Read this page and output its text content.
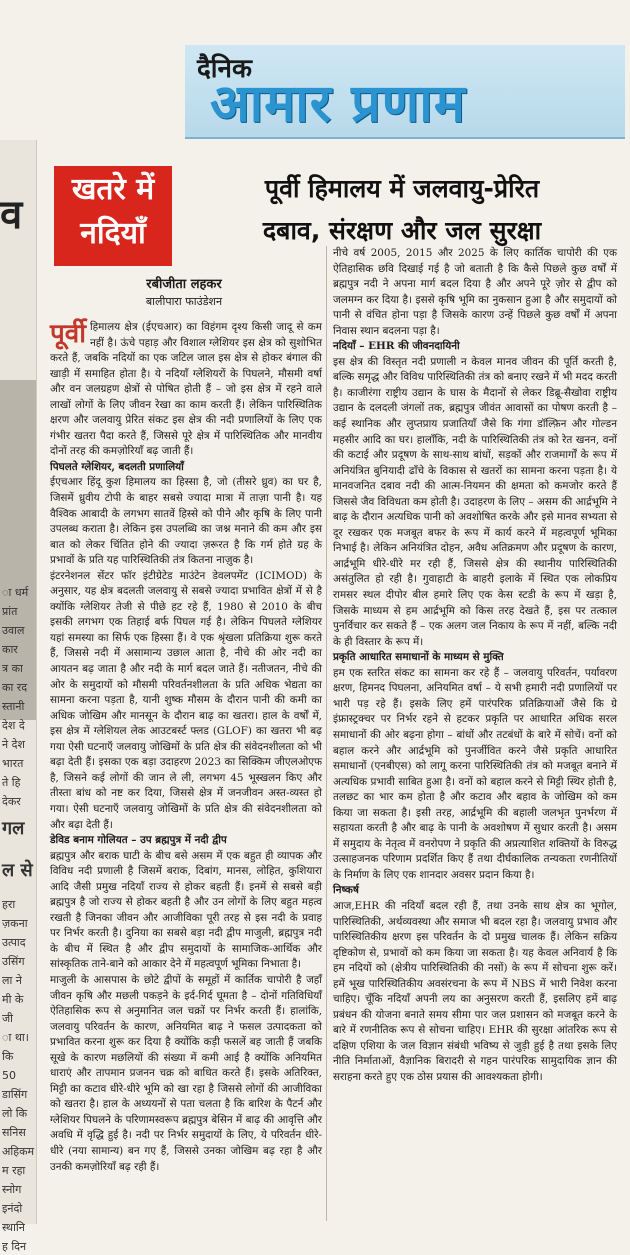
व
ा धर्म
प्रांत
उवाल
कार
त्र का
का रद
स्तानी
देश दे
ने देश
भारत
ते हि
देकर
गल
ल से
हरा
ज़कना
उत्पाद
उसिंग
ला ने
मी के
जी
ा था।
कि
50
डासिंग
लो कि
सनिस
अहिकम
म रहा
स्नोग
इनंदो
स्थानि
ह दिन
दैनिक
आमार प्रणाम
खतरे में
नदियाँ
पूर्वी हिमालय में जलवायु-प्रेरित
दबाव, संरक्षण और जल सुरक्षा
रबीजीता लहकर
बालीपारा फाउंडेशन

पूर्वी हिमालय क्षेत्र (ईएचआर) का विहंगम दृश्य किसी जादू से कम नहीं है। ऊंचे पहाड़ और विशाल ग्लेशियर इस क्षेत्र को सुशोभित करते हैं, जबकि नदियों का एक जटिल जाल इस क्षेत्र से होकर बंगाल की खाड़ी में समाहित होता है। ये नदियाँ ग्लेशियरों के पिघलने, मौसमी वर्षा और वन जलग्रहण क्षेत्रों से पोषित होती हैं – जो इस क्षेत्र में रहने वाले लाखों लोगों के लिए जीवन रेखा का काम करती हैं। लेकिन पारिस्थितिक क्षरण और जलवायु प्रेरित संकट इस क्षेत्र की नदी प्रणालियों के लिए एक गंभीर खतरा पैदा करते हैं, जिससे पूरे क्षेत्र में पारिस्थितिक और मानवीय दोनों तरह की कमज़ोरियाँ बढ़ जाती हैं।

पिघलते ग्लेशियर, बदलती प्रणालियाँ

ईएचआर हिंदू कुश हिमालय का हिस्सा है, जो (तीसरे ध्रुव) का घर है, जिसमें ध्रुवीय टोपी के बाहर सबसे ज्यादा मात्रा में ताज़ा पानी है। यह वैश्विक आबादी के लगभग सातवें हिस्से को पीने और कृषि के लिए पानी उपलब्ध कराता है। लेकिन इस उपलब्धि का जश्न मनाने की कम और इस बात को लेकर चिंतित होने की ज्यादा ज़रूरत है कि गर्म होते ग्रह के प्रभावों के प्रति यह पारिस्थितिकी तंत्र कितना नाज़ुक है।

इंटरनेशनल सेंटर फॉर इंटीग्रेटेड माउंटेन डेवलपमेंट (ICIMOD) के अनुसार, यह क्षेत्र बदलती जलवायु से सबसे ज्यादा प्रभावित क्षेत्रों में से है क्योंकि ग्लेशियर तेजी से पीछे हट रहे हैं, 1980 से 2010 के बीच इसकी लगभग एक तिहाई बर्फ पिघल गई है। लेकिन पिघलते ग्लेशियर यहां समस्या का सिर्फ एक हिस्सा हैं। वे एक श्रृंखला प्रतिक्रिया शुरू करते हैं, जिससे नदी में असामान्य उछाल आता है, नीचे की ओर नदी का आयतन बढ़ जाता है और नदी के मार्ग बदल जाते हैं। नतीजतन, नीचे की ओर के समुदायों को मौसमी परिवर्तनशीलता के प्रति अधिक भेद्यता का सामना करना पड़ता है, यानी शुष्क मौसम के दौरान पानी की कमी का अधिक जोखिम और मानसून के दौरान बाढ़ का खतरा। हाल के वर्षों में, इस क्षेत्र में ग्लेशियल लेक आउटबर्स्ट फ्लड (GLOF) का खतरा भी बढ़ गया ऐसी घटनाएँ जलवायु जोखिमों के प्रति क्षेत्र की संवेदनशीलता को भी बढ़ा देती हैं। इसका एक बड़ा उदाहरण 2023 का सिक्किम जीएलओएफ है, जिसने कई लोगों की जान ले ली, लगभग 45 भूस्खलन किए और तीस्ता बांध को नष्ट कर दिया, जिससे क्षेत्र में जनजीवन अस्त-व्यस्त हो गया। ऐसी घटनाएँ जलवायु जोखिमों के प्रति क्षेत्र की संवेदनशीलता को और बढ़ा देती हैं।

डेविड बनाम गोलियत – उप ब्रह्मपुत्र में नदी द्वीप

ब्रह्मपुत्र और बराक घाटी के बीच बसे असम में एक बहुत ही व्यापक और विविध नदी प्रणाली है जिसमें बराक, दिबांग, मानस, लोहित, कुशियारा आदि जैसी प्रमुख नदियाँ राज्य से होकर बहती हैं। इनमें से सबसे बड़ी ब्रह्मपुत्र है जो राज्य से होकर बहती है और उन लोगों के लिए बहुत महत्व रखती है जिनका जीवन और आजीविका पूरी तरह से इस नदी के प्रवाह पर निर्भर करती है। दुनिया का सबसे बड़ा नदी द्वीप माजुली, ब्रह्मपुत्र नदी के बीच में स्थित है और द्वीप समुदायों के सामाजिक-आर्थिक और सांस्कृतिक ताने-बाने को आकार देने में महत्वपूर्ण भूमिका निभाता है।

माजुली के आसपास के छोटे द्वीपों के समूहों में कार्तिक चापोरी है जहाँ जीवन कृषि और मछली पकड़ने के इर्द-गिर्द घूमता है – दोनों गतिविधियाँ ऐतिहासिक रूप से अनुमानित जल चक्रों पर निर्भर करती हैं। हालांकि, जलवायु परिवर्तन के कारण, अनियमित बाढ़ ने फसल उत्पादकता को प्रभावित करना शुरू कर दिया है क्योंकि कड़ी फसलें बह जाती हैं जबकि सूखे के कारण मछलियों की संख्या में कमी आई है क्योंकि अनियमित धाराएं और तापमान प्रजनन चक्र को बाधित करते हैं। इसके अतिरिक्त, मिट्टी का कटाव धीरे-धीरे भूमि को खा रहा है जिससे लोगों की आजीविका को खतरा है। हाल के अध्ययनों से पता चलता है कि बारिश के पैटर्न और ग्लेशियर पिघलने के परिणामस्वरूप ब्रह्मपुत्र बेसिन में बाढ़ की आवृत्ति और अवधि में वृद्धि हुई है। नदी पर निर्भर समुदायों के लिए, ये परिवर्तन धीरे-धीरे (नया सामान्य) बन गए हैं, जिससे उनका जोखिम बढ़ रहा है और उनकी कमज़ोरियाँ बढ़ रही हैं।

नीचे वर्ष 2005, 2015 और 2025 के लिए कार्तिक चापोरी की एक ऐतिहासिक छवि दिखाई गई है जो बताती है कि कैसे पिछले कुछ वर्षों में ब्रह्मपुत्र नदी ने अपना मार्ग बदल दिया है और अपने पूरे ज़ोर से द्वीप को जलमग्न कर दिया है। इससे कृषि भूमि का नुकसान हुआ है और समुदायों को पानी से वंचित होना पड़ा है जिसके कारण उन्हें पिछले कुछ वर्षों में अपना निवास स्थान बदलना पड़ा है।

नदियाँ – EHR की जीवनदायिनी

इस क्षेत्र की विस्तृत नदी प्रणाली न केवल मानव जीवन की पूर्ति करती है, बल्कि समृद्ध और विविध पारिस्थितिकी तंत्र को बनाए रखने में भी मदद करती है। काजीरंगा राष्ट्रीय उद्यान के घास के मैदानों से लेकर डिब्रू-सैखोवा राष्ट्रीय उद्यान के दलदली जंगलों तक, ब्रह्मपुत्र जीवंत आवासों का पोषण करती है – कई स्थानिक और लुप्तप्राय प्रजातियाँ जैसे कि गंगा डॉल्फ़िन और गोल्डन महसीर आदि का घर। हालाँकि, नदी के पारिस्थितिकी तंत्र को रेत खनन, वनों की कटाई और प्रदूषण के साथ-साथ बांधों, सड़कों और राजमार्गों के रूप में अनियंत्रित बुनियादी ढाँचे के विकास से खतरों का सामना करना पड़ता है। ये मानवजनित दबाव नदी की आत्म-नियमन की क्षमता को कमजोर करते हैं जिससे जैव विविधता कम होती है। उदाहरण के लिए – असम की आर्द्रभूमि ने बाढ़ के दौरान अत्यधिक पानी को अवशोषित करके और इसे मानव सभ्यता से दूर रखकर एक मजबूत बफर के रूप में कार्य करने में महत्वपूर्ण भूमिका निभाई है। लेकिन अनियंत्रित दोहन, अवैध अतिक्रमण और प्रदूषण के कारण, आर्द्रभूमि धीरे-धीरे मर रही हैं, जिससे क्षेत्र की स्थानीय पारिस्थितिकी असंतुलित हो रही है। गुवाहाटी के बाहरी इलाके में स्थित एक लोकप्रिय रामसर स्थल दीपोर बील हमारे लिए एक केस स्टडी के रूप में खड़ा है, जिसके माध्यम से हम आर्द्रभूमि को किस तरह देखते हैं, इस पर तत्काल पुनर्विचार कर सकते हैं – एक अलग जल निकाय के रूप में नहीं, बल्कि नदी के ही विस्तार के रूप में।

प्रकृति आधारित समाधानों के माध्यम से मुक्ति

हम एक स्तरित संकट का सामना कर रहे हैं – जलवायु परिवर्तन, पर्यावरण क्षरण, हिमनद पिघलना, अनियमित वर्षा – ये सभी हमारी नदी प्रणालियों पर भारी पड़ रहे हैं। इसके लिए हमें पारंपरिक प्रतिक्रियाओं जैसे कि ग्रे इंफ्रास्ट्रक्चर पर निर्भर रहने से हटकर प्रकृति पर आधारित अधिक सरल समाधानों की ओर बढ़ना होगा – बांधों और तटबंधों के बारे में सोचें। वनों को बहाल करने और आर्द्रभूमि को पुनर्जीवित करने जैसे प्रकृति आधारित समाधानों (एनबीएस) को लागू करना पारिस्थितिकी तंत्र को मजबूत बनाने में अत्यधिक प्रभावी साबित हुआ है। वनों को बहाल करने से मिट्टी स्थिर होती है, तलछट का भार कम होता है और कटाव और बहाव के जोखिम को कम किया जा सकता है। इसी तरह, आर्द्रभूमि की बहाली जलभृत पुनर्भरण में सहायता करती है और बाढ़ के पानी के अवशोषण में सुधार करती है। असम में समुदाय के नेतृत्व में वनरोपण ने प्रकृति की अप्रत्याशित शक्तियों के विरुद्ध उत्साहजनक परिणाम प्रदर्शित किए हैं तथा दीर्घकालिक तन्यकता रणनीतियों के निर्माण के लिए एक शानदार अवसर प्रदान किया है।

निष्कर्ष

आज,EHR की नदियाँ बदल रही हैं, तथा उनके साथ क्षेत्र का भूगोल, पारिस्थितिकी, अर्थव्यवस्था और समाज भी बदल रहा है। जलवायु प्रभाव और पारिस्थितिकीय क्षरण इस परिवर्तन के दो प्रमुख चालक हैं। लेकिन सक्रिय दृष्टिकोण से, प्रभावों को कम किया जा सकता है। यह केवल अनिवार्य है कि हम नदियों को (क्षेत्रीय पारिस्थितिकी की नसों) के रूप में सोचना शुरू करें। हमें भूख पारिस्थितिकीय अवसंरचना के रूप में NBS में भारी निवेश करना चाहिए। चूँकि नदियाँ अपनी लय का अनुसरण करती हैं, इसलिए हमें बाढ़ प्रबंधन की योजना बनाते समय सीमा पार जल प्रशासन को मजबूत करने के बारे में रणनीतिक रूप से सोचना चाहिए। EHR की सुरक्षा आंतरिक रूप से दक्षिण एशिया के जल विज्ञान संबंधी भविष्य से जुड़ी हुई है तथा इसके लिए नीति निर्माताओं, वैज्ञानिक बिरादरी से गहन पारंपरिक सामुदायिक ज्ञान की सराहना करते हुए एक ठोस प्रयास की आवश्यकता होगी।
